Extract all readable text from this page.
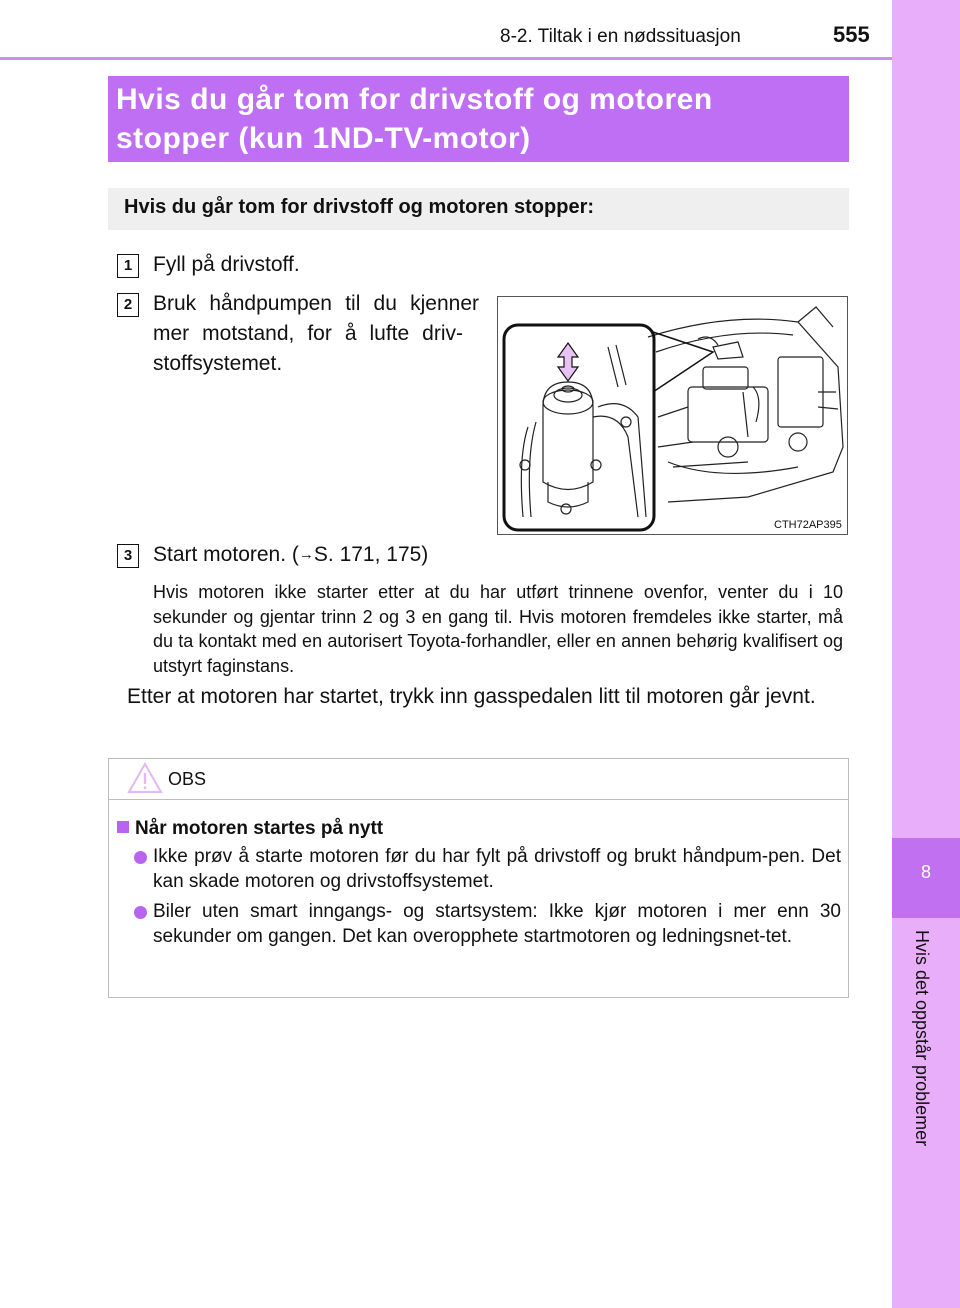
8-2. Tiltak i en nødssituasjon	555
8
Hvis det oppstår problemer
Hvis du går tom for drivstoff og motoren
stopper (kun 1ND-TV-motor)
Hvis du går tom for drivstoff og motoren stopper:
1 Fyll på drivstoff.
2 Bruk håndpumpen til du kjenner
mer motstand, for å lufte driv-
stoffsystemet.
CTH72AP395
3 Start motoren. (→S. 171, 175)
Hvis motoren ikke starter etter at du har utført trinnene ovenfor, venter du i 10 sekunder og gjentar trinn 2 og 3 en gang til. Hvis motoren fremdeles ikke starter, må du ta kontakt med en autorisert Toyota-forhandler, eller en annen behørig kvalifisert og utstyrt faginstans.
Etter at motoren har startet, trykk inn gasspedalen litt til motoren går jevnt.
OBS
Når motoren startes på nytt
Ikke prøv å starte motoren før du har fylt på drivstoff og brukt håndpum-pen. Det kan skade motoren og drivstoffsystemet.
Biler uten smart inngangs- og startsystem: Ikke kjør motoren i mer enn 30 sekunder om gangen. Det kan overopphete startmotoren og ledningsnet-tet.
